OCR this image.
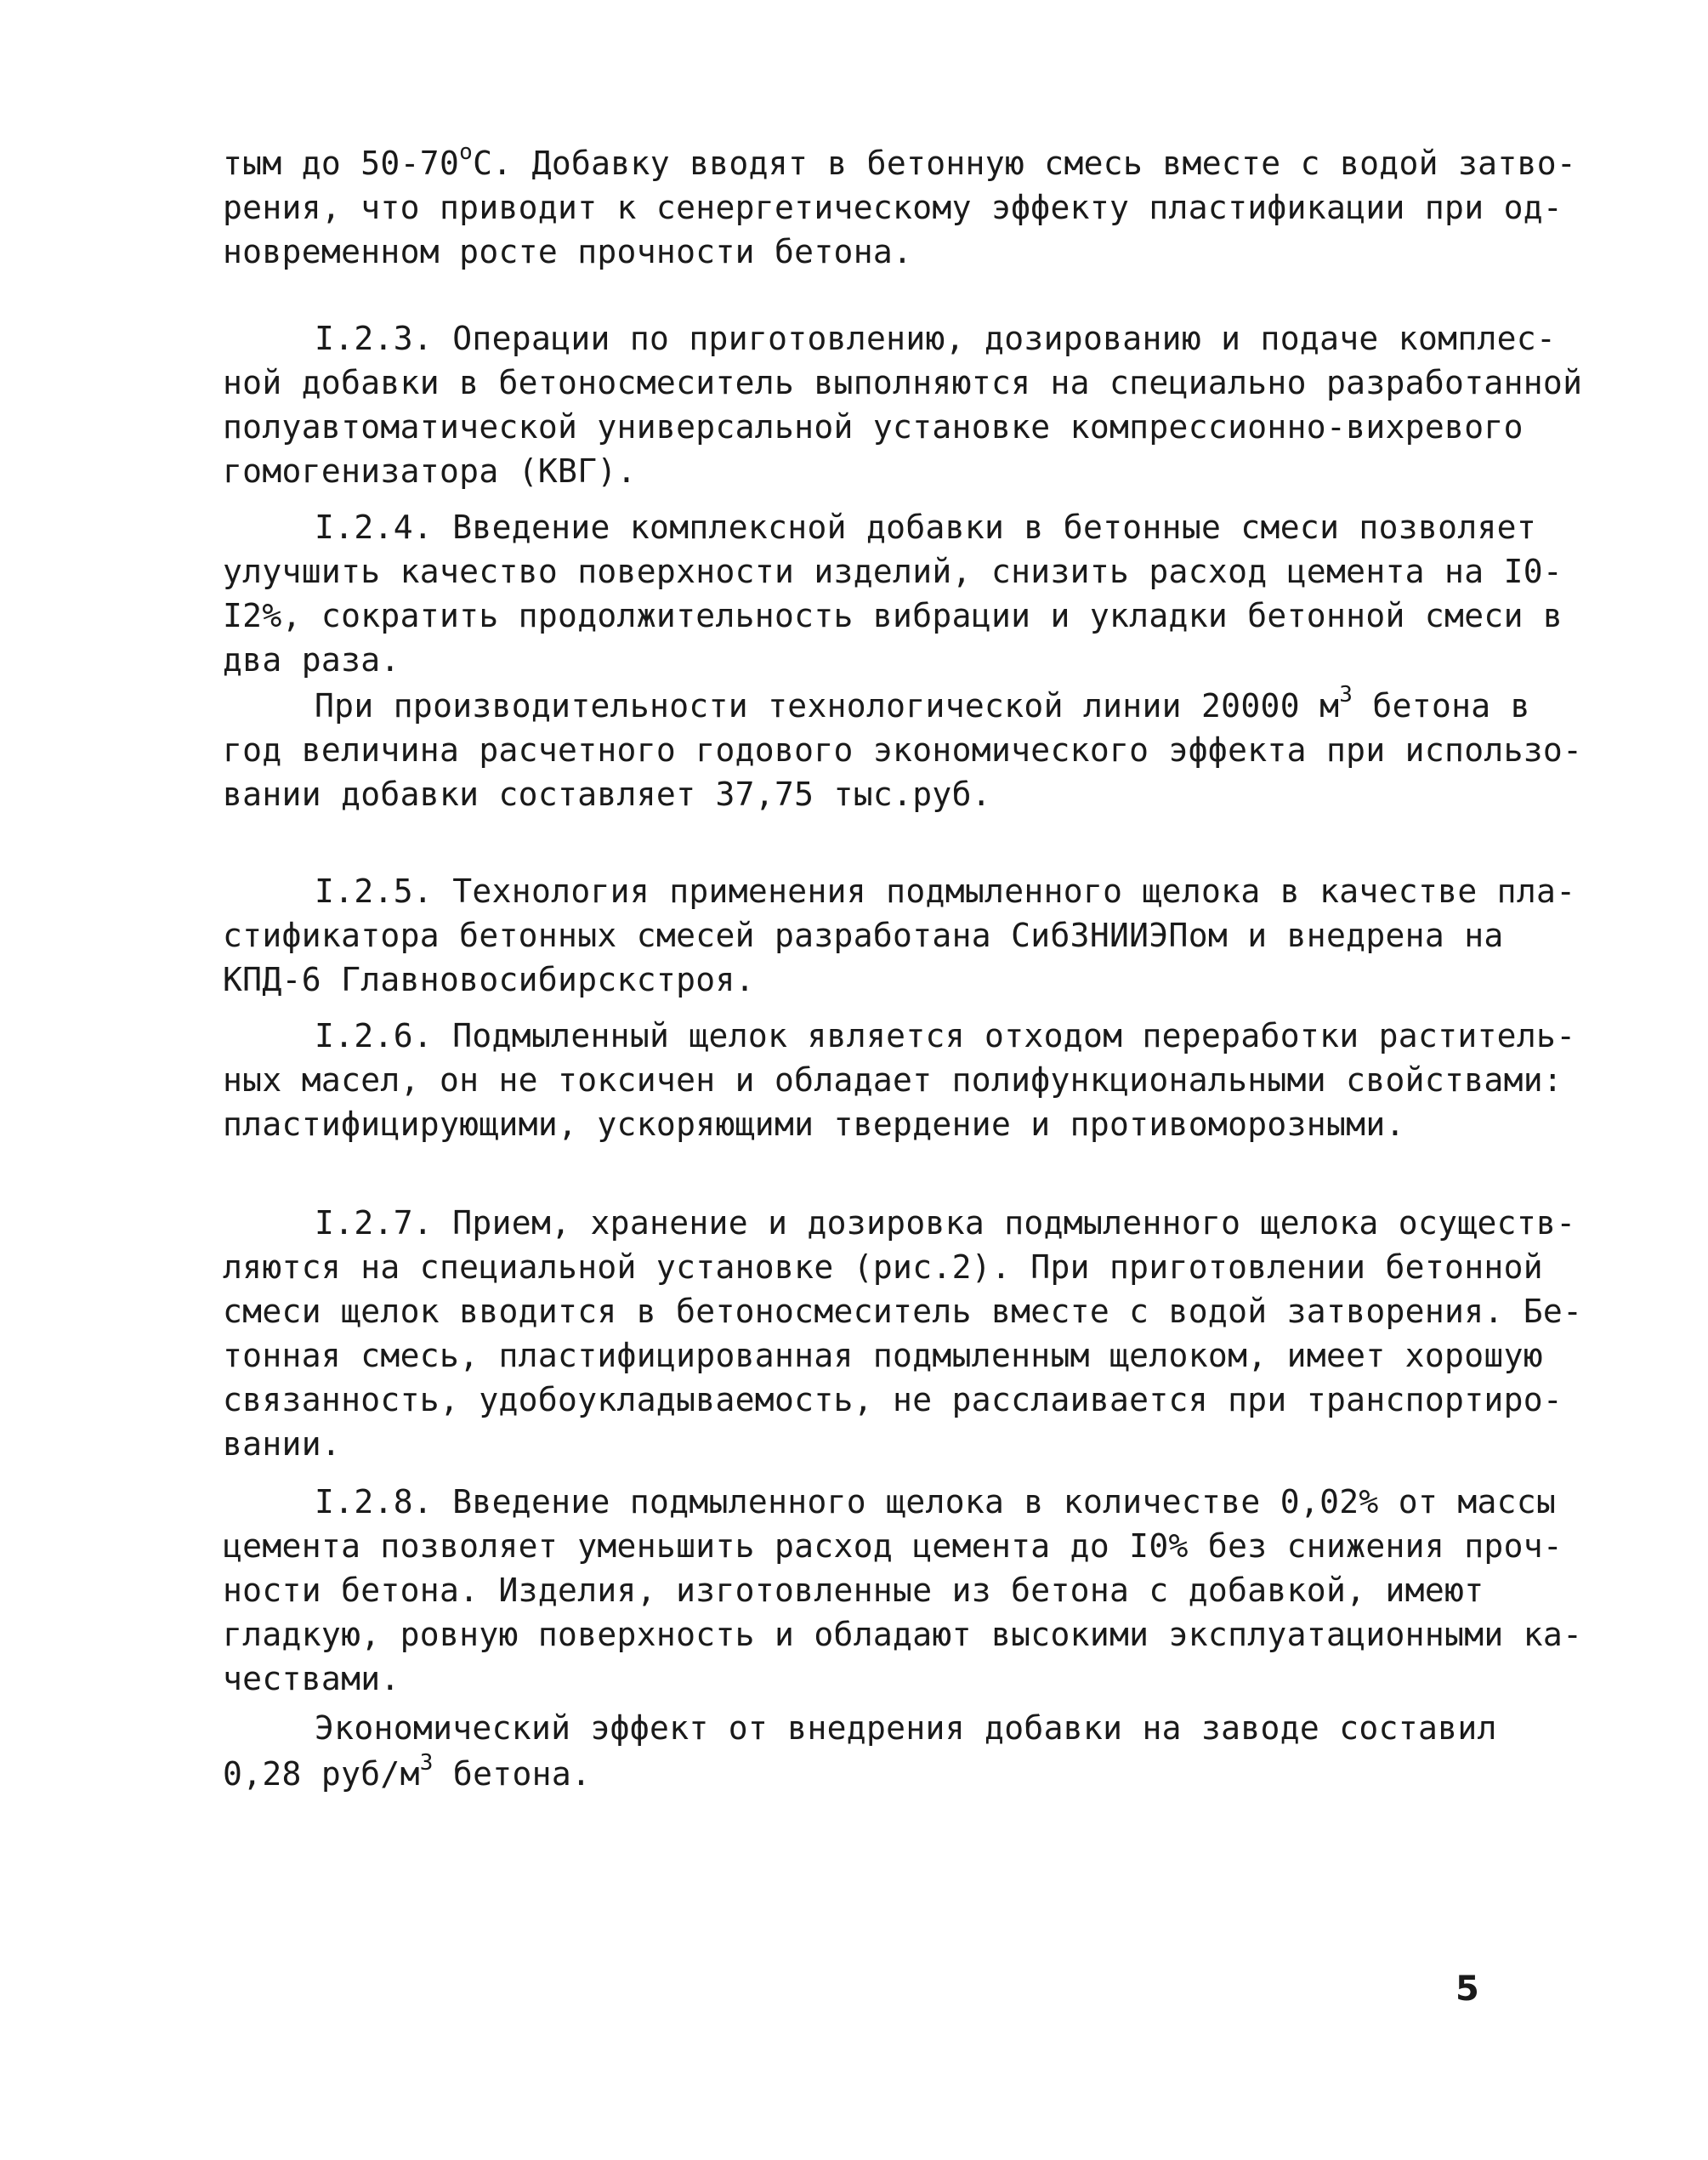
тым до $50-70^оС$. Добавку вводят в бетонную смесь вместе с водой затво-
рения, что приводит к сенергетическому эффекту пластификации при од-
новременном росте прочности бетона.
I.2.3. Операции по приготовлению, дозированию и подаче комплес-
ной добавки в бетоносмеситель выполняются на специально разработанной
полуавтоматической универсальной установке компрессионно-вихревого
гомогенизатора (КВГ).
I.2.4. Введение комплексной добавки в бетонные смеси позволяет
улучшить качество поверхности изделий, снизить расход цемента на I0-
I2%, сократить продолжительность вибрации и укладки бетонной смеси в
два раза.
При производительности технологической линии 20000 $м^3$ бетона в
год величина расчетного годового экономического эффекта при использо-
вании добавки составляет 37,75 тыс.руб.
I.2.5. Технология применения подмыленного щелока в качестве пла-
стификатора бетонных смесей разработана СибЗНИИЭПом и внедрена на
КПД-6 Главновосибирскстроя.
I.2.6. Подмыленный щелок является отходом переработки раститель-
ных масел, он не токсичен и обладает полифункциональными свойствами:
пластифицирующими, ускоряющими твердение и противоморозными.
I.2.7. Прием, хранение и дозировка подмыленного щелока осуществ-
ляются на специальной установке (рис.2). При приготовлении бетонной
смеси щелок вводится в бетоносмеситель вместе с водой затворения. Бе-
тонная смесь, пластифицированная подмыленным щелоком, имеет хорошую
связанность, удобоукладываемость, не расслаивается при транспортиро-
вании.
I.2.8. Введение подмыленного щелока в количестве 0,02% от массы
цемента позволяет уменьшить расход цемента до I0% без снижения проч-
ности бетона. Изделия, изготовленные из бетона с добавкой, имеют
гладкую, ровную поверхность и обладают высокими эксплуатационными ка-
чествами.
Экономический эффект от внедрения добавки на заводе составил
0,28 руб/$м^3$ бетона.
5
